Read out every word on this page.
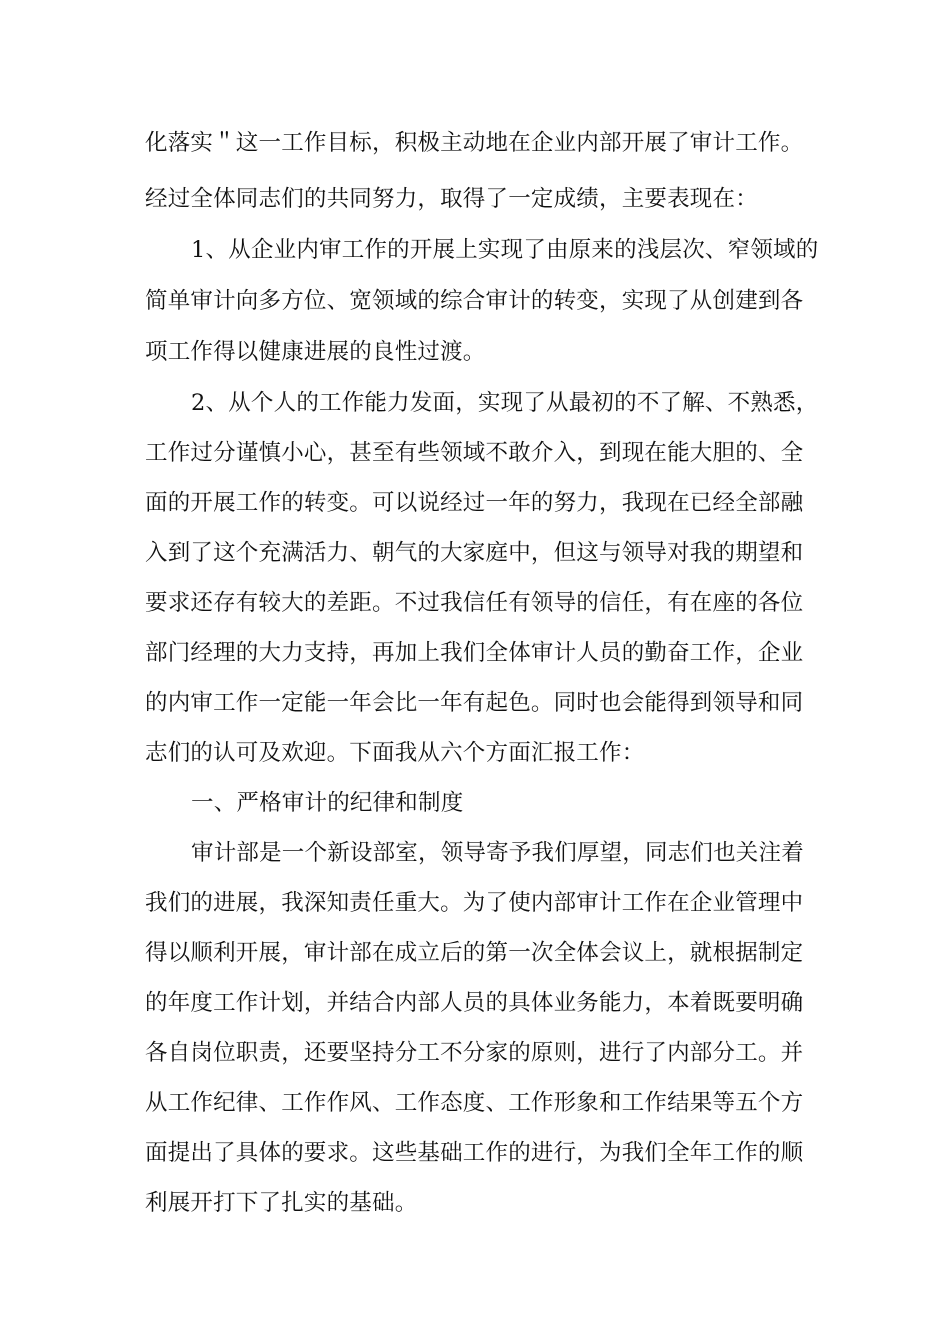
化落实＂这一工作目标，积极主动地在企业内部开展了审计工作。
经过全体同志们的共同努力，取得了一定成绩，主要表现在：
1、从企业内审工作的开展上实现了由原来的浅层次、窄领域的
简单审计向多方位、宽领域的综合审计的转变，实现了从创建到各
项工作得以健康进展的良性过渡。
2、从个人的工作能力发面，实现了从最初的不了解、不熟悉，
工作过分谨慎小心，甚至有些领域不敢介入，到现在能大胆的、全
面的开展工作的转变。可以说经过一年的努力，我现在已经全部融
入到了这个充满活力、朝气的大家庭中，但这与领导对我的期望和
要求还存有较大的差距。不过我信任有领导的信任，有在座的各位
部门经理的大力支持，再加上我们全体审计人员的勤奋工作，企业
的内审工作一定能一年会比一年有起色。同时也会能得到领导和同
志们的认可及欢迎。下面我从六个方面汇报工作：
一、严格审计的纪律和制度
审计部是一个新设部室，领导寄予我们厚望，同志们也关注着
我们的进展，我深知责任重大。为了使内部审计工作在企业管理中
得以顺利开展，审计部在成立后的第一次全体会议上，就根据制定
的年度工作计划，并结合内部人员的具体业务能力，本着既要明确
各自岗位职责，还要坚持分工不分家的原则，进行了内部分工。并
从工作纪律、工作作风、工作态度、工作形象和工作结果等五个方
面提出了具体的要求。这些基础工作的进行，为我们全年工作的顺
利展开打下了扎实的基础。
